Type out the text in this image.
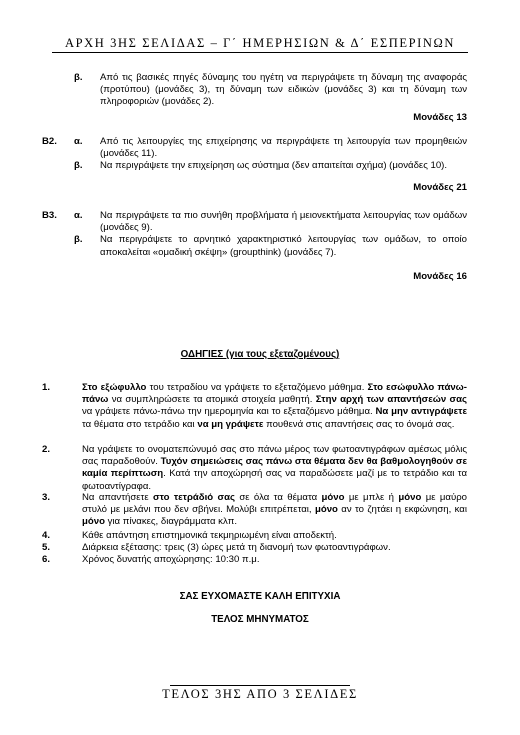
ΑΡΧΗ 3ΗΣ ΣΕΛΙΔΑΣ – Γ΄ ΗΜΕΡΗΣΙΩΝ & Δ΄ ΕΣΠΕΡΙΝΩΝ
β. Από τις βασικές πηγές δύναμης του ηγέτη να περιγράψετε τη δύναμη της αναφοράς (προτύπου) (μονάδες 3), τη δύναμη των ειδικών (μονάδες 3) και τη δύναμη των πληροφοριών (μονάδες 2).
Μονάδες 13
Β2. α. Από τις λειτουργίες της επιχείρησης να περιγράψετε τη λειτουργία των προμηθειών (μονάδες 11).
β. Να περιγράψετε την επιχείρηση ως σύστημα (δεν απαιτείται σχήμα) (μονάδες 10).
Μονάδες 21
Β3. α. Να περιγράψετε τα πιο συνήθη προβλήματα ή μειονεκτήματα λειτουργίας των ομάδων (μονάδες 9).
β. Να περιγράψετε το αρνητικό χαρακτηριστικό λειτουργίας των ομάδων, το οποίο αποκαλείται «ομαδική σκέψη» (groupthink) (μονάδες 7).
Μονάδες 16
ΟΔΗΓΙΕΣ (για τους εξεταζομένους)
1.	Στο εξώφυλλο του τετραδίου να γράψετε το εξεταζόμενο μάθημα. Στο εσώφυλλο πάνω-πάνω να συμπληρώσετε τα ατομικά στοιχεία μαθητή. Στην αρχή των απαντήσεών σας να γράψετε πάνω-πάνω την ημερομηνία και το εξεταζόμενο μάθημα. Να μην αντιγράψετε τα θέματα στο τετράδιο και να μη γράψετε πουθενά στις απαντήσεις σας το όνομά σας.
2.	Να γράψετε το ονοματεπώνυμό σας στο πάνω μέρος των φωτοαντιγράφων αμέσως μόλις σας παραδοθούν. Τυχόν σημειώσεις σας πάνω στα θέματα δεν θα βαθμολογηθούν σε καμία περίπτωση. Κατά την αποχώρησή σας να παραδώσετε μαζί με το τετράδιο και τα φωτοαντίγραφα.
3.	Να απαντήσετε στο τετράδιό σας σε όλα τα θέματα μόνο με μπλε ή μόνο με μαύρο στυλό με μελάνι που δεν σβήνει. Μολύβι επιτρέπεται, μόνο αν το ζητάει η εκφώνηση, και μόνο για πίνακες, διαγράμματα κλπ.
4.	Κάθε απάντηση επιστημονικά τεκμηριωμένη είναι αποδεκτή.
5.	Διάρκεια εξέτασης: τρεις (3) ώρες μετά τη διανομή των φωτοαντιγράφων.
6.	Χρόνος δυνατής αποχώρησης: 10:30 π.μ.
ΣΑΣ ΕΥΧΟΜΑΣΤΕ ΚΑΛΗ ΕΠΙΤΥΧΙΑ
ΤΕΛΟΣ ΜΗΝΥΜΑΤΟΣ
ΤΕΛΟΣ 3ΗΣ ΑΠΟ 3 ΣΕΛΙΔΕΣ
